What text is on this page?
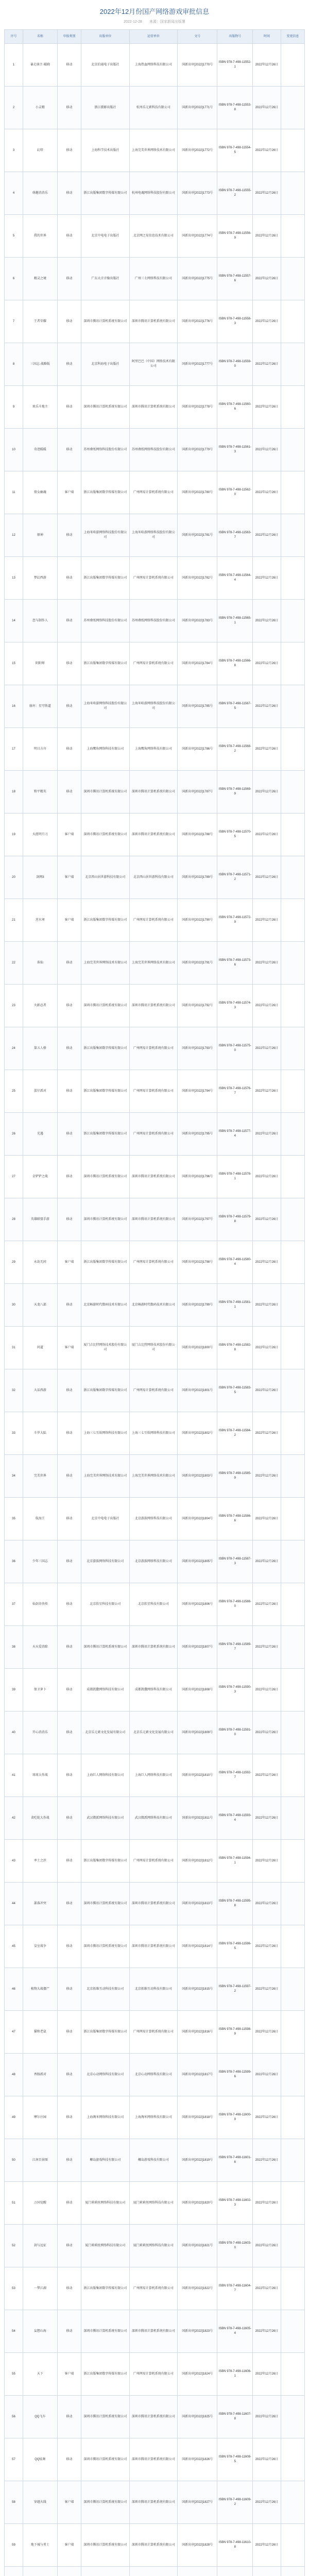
2022年12月份国产网络游戏审批信息
2022-12-28 来源：国家新闻出版署
序号	名称	申报类别	出版单位	运营单位	文号	出版物号	时间	变更信息
1	暴走萌主·破晓	移动	北京伯通电子出版社	上海热血网络科技有限公司	国新出审[2022]1770号	ISBN 978-7-498-11552-1	2022年12月26日	
2	小灵精	移动	浙江摄影出版社	杭州乐元素科技有限公司	国新出审[2022]1771号	ISBN 978-7-498-11553-8	2022年12月26日	
3	幻塔	移动	上海科学技术出版社	上海完美世界网络技术有限公司	国新出审[2022]1772号	ISBN 978-7-498-11554-5	2022年12月26日	
4	萌趣消消乐	移动	浙江出版集团数字传媒有限公司	杭州电魂网络科技股份有限公司	国新出审[2022]1773号	ISBN 978-7-498-11555-2	2022年12月26日	
5	我的世界	移动	北京中电电子出版社	北京网之易信息技术有限公司	国新出审[2022]1774号	ISBN 978-7-498-11556-9	2022年12月26日	
6	精灵之境	移动	广东大音音像出版社	广州三七网络科技有限公司	国新出审[2022]1775号	ISBN 978-7-498-11557-6	2022年12月26日	
7	王者荣耀	移动	深圳市腾讯计算机系统有限公司	深圳市腾讯计算机系统有限公司	国新出审[2022]1776号	ISBN 978-7-498-11558-3	2022年12月26日	
8	三国志·战略版	移动	北京科海电子出版社	阿里巴巴（中国）网络技术有限公司	国新出审[2022]1777号	ISBN 978-7-498-11559-0	2022年12月26日	
9	欢乐斗地主	移动	深圳市腾讯计算机系统有限公司	深圳市腾讯计算机系统有限公司	国新出审[2022]1778号	ISBN 978-7-498-11560-6	2022年12月26日	
10	奇迹暖暖	移动	苏州叠纸网络科技股份有限公司	苏州叠纸网络科技股份有限公司	国新出审[2022]1779号	ISBN 978-7-498-11561-3	2022年12月26日	
11	倩女幽魂	客户端	浙江出版集团数字传媒有限公司	广州网易计算机系统有限公司	国新出审[2022]1780号	ISBN 978-7-498-11562-0	2022年12月26日	
12	原神	移动	上海米哈游网络科技股份有限公司	上海米哈游网络科技股份有限公司	国新出审[2022]1781号	ISBN 978-7-498-11563-7	2022年12月26日	
13	梦幻西游	移动	浙江出版集团数字传媒有限公司	广州网易计算机系统有限公司	国新出审[2022]1782号	ISBN 978-7-498-11564-4	2022年12月26日	
14	恋与制作人	移动	苏州叠纸网络科技股份有限公司	苏州叠纸网络科技股份有限公司	国新出审[2022]1783号	ISBN 978-7-498-11565-1	2022年12月26日	
15	阴阳师	移动	浙江出版集团数字传媒有限公司	广州网易计算机系统有限公司	国新出审[2022]1784号	ISBN 978-7-498-11566-8	2022年12月26日	
16	崩坏：星穹铁道	移动	上海米哈游网络科技股份有限公司	上海米哈游网络科技股份有限公司	国新出审[2022]1785号	ISBN 978-7-498-11567-5	2022年12月26日	
17	明日方舟	移动	上海鹰角网络科技有限公司	上海鹰角网络科技有限公司	国新出审[2022]1786号	ISBN 978-7-498-11568-2	2022年12月26日	
18	和平精英	移动	深圳市腾讯计算机系统有限公司	深圳市腾讯计算机系统有限公司	国新出审[2022]1787号	ISBN 978-7-498-11569-9	2022年12月26日	
19	天涯明月刀	客户端	深圳市腾讯计算机系统有限公司	深圳市腾讯计算机系统有限公司	国新出审[2022]1788号	ISBN 978-7-498-11570-5	2022年12月26日	
20	剑网3	客户端	北京西山居世游科技有限公司	北京西山居世游科技有限公司	国新出审[2022]1789号	ISBN 978-7-498-11571-2	2022年12月26日	
21	逆水寒	客户端	浙江出版集团数字传媒有限公司	广州网易计算机系统有限公司	国新出审[2022]1790号	ISBN 978-7-498-11572-9	2022年12月26日	
22	诛仙	移动	上海完美世界网络技术有限公司	上海完美世界网络技术有限公司	国新出审[2022]1791号	ISBN 978-7-498-11573-6	2022年12月26日	
23	火影忍者	移动	深圳市腾讯计算机系统有限公司	深圳市腾讯计算机系统有限公司	国新出审[2022]1792号	ISBN 978-7-498-11574-3	2022年12月26日	
24	第五人格	移动	浙江出版集团数字传媒有限公司	广州网易计算机系统有限公司	国新出审[2022]1793号	ISBN 978-7-498-11575-0	2022年12月26日	
25	蛋仔派对	移动	浙江出版集团数字传媒有限公司	广州网易计算机系统有限公司	国新出审[2022]1794号	ISBN 978-7-498-11576-7	2022年12月26日	
26	光遇	移动	浙江出版集团数字传媒有限公司	广州网易计算机系统有限公司	国新出审[2022]1795号	ISBN 978-7-498-11577-4	2022年12月26日	
27	金铲铲之战	移动	深圳市腾讯计算机系统有限公司	深圳市腾讯计算机系统有限公司	国新出审[2022]1796号	ISBN 978-7-498-11578-1	2022年12月26日	
28	英雄联盟手游	移动	深圳市腾讯计算机系统有限公司	深圳市腾讯计算机系统有限公司	国新出审[2022]1797号	ISBN 978-7-498-11579-8	2022年12月26日	
29	永劫无间	客户端	浙江出版集团数字传媒有限公司	广州网易计算机系统有限公司	国新出审[2022]1798号	ISBN 978-7-498-11580-4	2022年12月26日	
30	天龙八部	移动	北京畅游时代数码技术有限公司	北京畅游时代数码技术有限公司	国新出审[2022]1799号	ISBN 978-7-498-11581-1	2022年12月26日	
31	问道	客户端	厦门吉比特网络技术股份有限公司	厦门吉比特网络技术股份有限公司	国新出审[2022]1800号	ISBN 978-7-498-11582-8	2022年12月26日	
32	大话西游	移动	浙江出版集团数字传媒有限公司	广州网易计算机系统有限公司	国新出审[2022]1801号	ISBN 978-7-498-11583-5	2022年12月26日	
33	斗罗大陆	移动	上海三七互娱网络科技有限公司	上海三七互娱网络科技有限公司	国新出审[2022]1802号	ISBN 978-7-498-11584-2	2022年12月26日	
34	完美世界	移动	上海完美世界网络技术有限公司	上海完美世界网络技术有限公司	国新出审[2022]1803号	ISBN 978-7-498-11585-9	2022年12月26日	
35	航海王	移动	北京中电电子出版社	北京游族网络科技有限公司	国新出审[2022]1804号	ISBN 978-7-498-11586-6	2022年12月26日	
36	少年三国志	移动	北京游族网络科技有限公司	北京游族网络科技有限公司	国新出审[2022]1805号	ISBN 978-7-498-11587-3	2022年12月26日	
37	仙剑奇侠传	移动	北京软星科技有限公司	北京软星科技有限公司	国新出审[2022]1806号	ISBN 978-7-498-11588-0	2022年12月26日	
38	天天爱消除	移动	深圳市腾讯计算机系统有限公司	深圳市腾讯计算机系统有限公司	国新出审[2022]1807号	ISBN 978-7-498-11589-7	2022年12月26日	
39	保卫萝卜	移动	成都凯撒网络科技有限公司	成都凯撒网络科技有限公司	国新出审[2022]1808号	ISBN 978-7-498-11590-3	2022年12月26日	
40	开心消消乐	移动	北京乐元素文化发展有限公司	北京乐元素文化发展有限公司	国新出审[2022]1809号	ISBN 978-7-498-11591-0	2022年12月26日	
41	球球大作战	移动	上海巨人网络科技有限公司	上海巨人网络科技有限公司	国新出审[2022]1810号	ISBN 978-7-498-11592-7	2022年12月26日	
42	贪吃蛇大作战	移动	武汉微派网络科技有限公司	武汉微派网络科技有限公司	国新出审[2022]1811号	ISBN 978-7-498-11593-4	2022年12月26日	
43	率土之滨	移动	浙江出版集团数字传媒有限公司	广州网易计算机系统有限公司	国新出审[2022]1812号	ISBN 978-7-498-11594-1	2022年12月26日	
44	部落冲突	移动	深圳市腾讯计算机系统有限公司	深圳市腾讯计算机系统有限公司	国新出审[2022]1813号	ISBN 978-7-498-11595-8	2022年12月26日	
45	皇室战争	移动	深圳市腾讯计算机系统有限公司	深圳市腾讯计算机系统有限公司	国新出审[2022]1814号	ISBN 978-7-498-11596-5	2022年12月26日	
46	植物大战僵尸	移动	北京拓维互动科技有限公司	北京拓维互动科技有限公司	国新出审[2022]1815号	ISBN 978-7-498-11597-2	2022年12月26日	
47	猫和老鼠	移动	浙江出版集团数字传媒有限公司	广州网易计算机系统有限公司	国新出审[2022]1816号	ISBN 978-7-498-11598-9	2022年12月26日	
48	香肠派对	移动	北京心动网络科技有限公司	北京心动网络科技有限公司	国新出审[2022]1817号	ISBN 978-7-498-11599-6	2022年12月26日	
49	摩尔庄园	移动	上海淘米网络科技有限公司	上海淘米网络科技有限公司	国新出审[2022]1818号	ISBN 978-7-498-11600-9	2022年12月26日	
50	江南百景图	移动	椰岛游戏科技有限公司	椰岛游戏科技有限公司	国新出审[2022]1819号	ISBN 978-7-498-11601-6	2022年12月26日	
51	万国觉醒	移动	厦门莉莉丝网络科技有限公司	厦门莉莉丝网络科技有限公司	国新出审[2022]1820号	ISBN 978-7-498-11602-3	2022年12月26日	
52	剑与远征	移动	厦门莉莉丝网络科技有限公司	厦门莉莉丝网络科技有限公司	国新出审[2022]1821号	ISBN 978-7-498-11603-0	2022年12月26日	
53	一梦江湖	移动	浙江出版集团数字传媒有限公司	广州网易计算机系统有限公司	国新出审[2022]1822号	ISBN 978-7-498-11604-7	2022年12月26日	
54	妄想山海	移动	深圳市腾讯计算机系统有限公司	深圳市腾讯计算机系统有限公司	国新出审[2022]1823号	ISBN 978-7-498-11605-4	2022年12月26日	
55	天下	客户端	浙江出版集团数字传媒有限公司	广州网易计算机系统有限公司	国新出审[2022]1824号	ISBN 978-7-498-11606-1	2022年12月26日	
56	QQ飞车	移动	深圳市腾讯计算机系统有限公司	深圳市腾讯计算机系统有限公司	国新出审[2022]1825号	ISBN 978-7-498-11607-8	2022年12月26日	
57	QQ炫舞	移动	深圳市腾讯计算机系统有限公司	深圳市腾讯计算机系统有限公司	国新出审[2022]1826号	ISBN 978-7-498-11608-5	2022年12月26日	
58	穿越火线	客户端	深圳市腾讯计算机系统有限公司	深圳市腾讯计算机系统有限公司	国新出审[2022]1827号	ISBN 978-7-498-11609-2	2022年12月26日	
59	地下城与勇士	客户端	深圳市腾讯计算机系统有限公司	深圳市腾讯计算机系统有限公司	国新出审[2022]1828号	ISBN 978-7-498-11610-8	2022年12月26日	
